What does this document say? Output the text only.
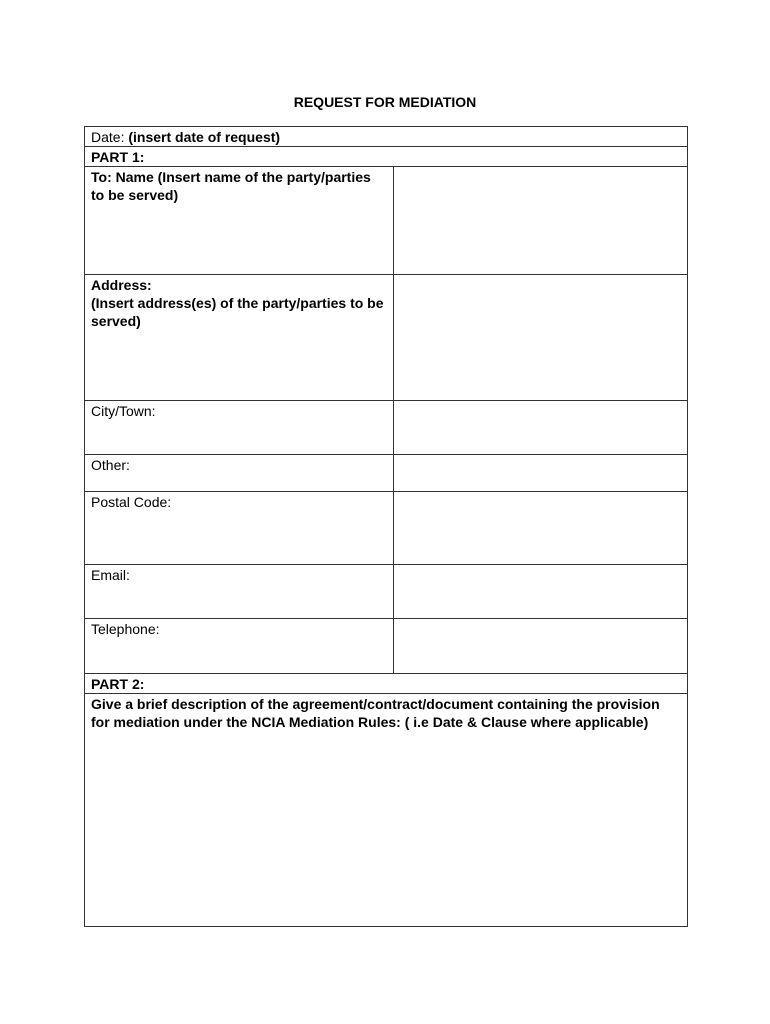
REQUEST FOR MEDIATION
Date: (insert date of request)	
PART 1:	
To: Name (Insert name of the party/parties to be served)	

Address:
(Insert address(es) of the party/parties to be served)	

City/Town:	
Other:	
Postal Code:	
Email:	
Telephone:	
PART 2:	
Give a brief description of the agreement/contract/document containing the provision for mediation under the NCIA Mediation Rules: ( i.e Date & Clause where applicable)	
